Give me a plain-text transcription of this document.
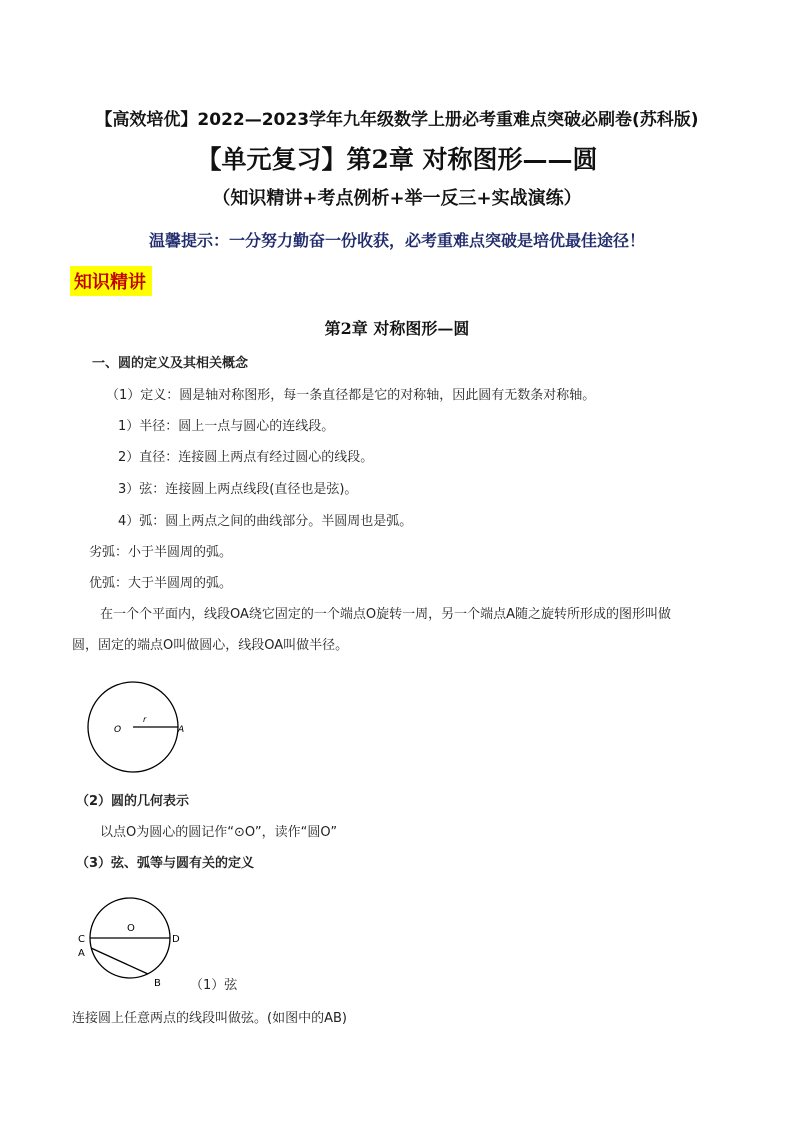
【高效培优】2022—2023学年九年级数学上册必考重难点突破必刷卷(苏科版)
【单元复习】第2章 对称图形——圆
（知识精讲+考点例析+举一反三+实战演练）
温馨提示：一分努力勤奋一份收获，必考重难点突破是培优最佳途径！
知识精讲
第2章 对称图形—圆
一、圆的定义及其相关概念
（1）定义：圆是轴对称图形，每一条直径都是它的对称轴，因此圆有无数条对称轴。
1）半径：圆上一点与圆心的连线段。
2）直径：连接圆上两点有经过圆心的线段。
3）弦：连接圆上两点线段(直径也是弦)。
4）弧：圆上两点之间的曲线部分。半圆周也是弧。
劣弧：小于半圆周的弧。
优弧：大于半圆周的弧。
在一个个平面内，线段OA绕它固定的一个端点O旋转一周，另一个端点A随之旋转所形成的图形叫做
圆，固定的端点O叫做圆心，线段OA叫做半径。
O
r
A
（2）圆的几何表示
以点O为圆心的圆记作“⊙O”，读作“圆O”
（3）弦、弧等与圆有关的定义
O
C	D
A
B （1）弦
连接圆上任意两点的线段叫做弦。(如图中的AB)
